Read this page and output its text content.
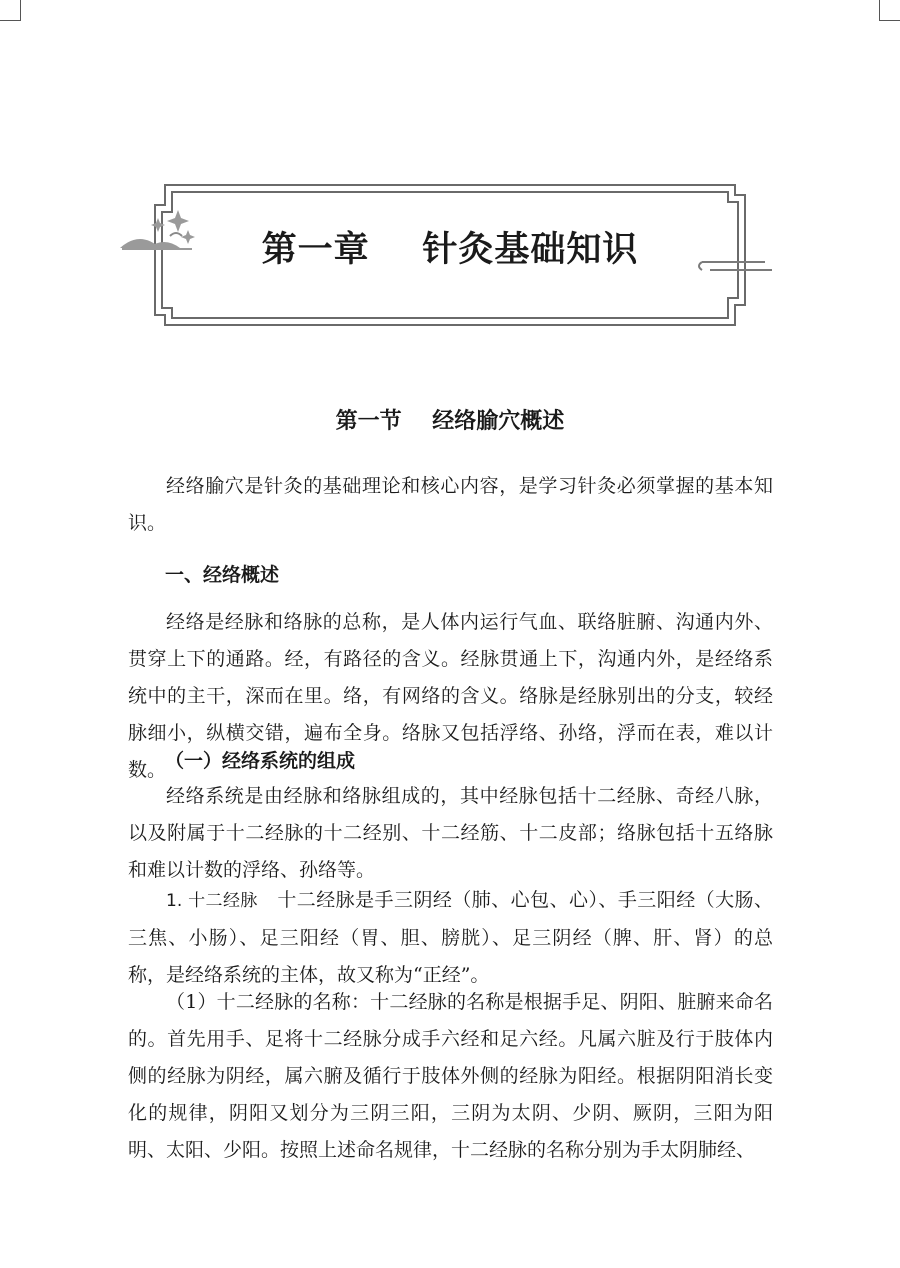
第一章    针灸基础知识
第一节    经络腧穴概述
经络腧穴是针灸的基础理论和核心内容，是学习针灸必须掌握的基本知识。
一、经络概述
经络是经脉和络脉的总称，是人体内运行气血、联络脏腑、沟通内外、贯穿上下的通路。经，有路径的含义。经脉贯通上下，沟通内外，是经络系统中的主干，深而在里。络，有网络的含义。络脉是经脉别出的分支，较经脉细小，纵横交错，遍布全身。络脉又包括浮络、孙络，浮而在表，难以计数。
（一）经络系统的组成
经络系统是由经脉和络脉组成的，其中经脉包括十二经脉、奇经八脉，以及附属于十二经脉的十二经别、十二经筋、十二皮部；络脉包括十五络脉和难以计数的浮络、孙络等。
1. 十二经脉　 十二经脉是手三阴经（肺、心包、心）、手三阳经（大肠、三焦、小肠）、足三阳经（胃、胆、膀胱）、足三阴经（脾、肝、肾）的总称，是经络系统的主体，故又称为“正经”。
（1）十二经脉的名称：十二经脉的名称是根据手足、阴阳、脏腑来命名的。首先用手、足将十二经脉分成手六经和足六经。凡属六脏及行于肢体内侧的经脉为阴经，属六腑及循行于肢体外侧的经脉为阳经。根据阴阳消长变化的规律，阴阳又划分为三阴三阳，三阴为太阴、少阴、厥阴，三阳为阳明、太阳、少阳。按照上述命名规律，十二经脉的名称分别为手太阴肺经、
